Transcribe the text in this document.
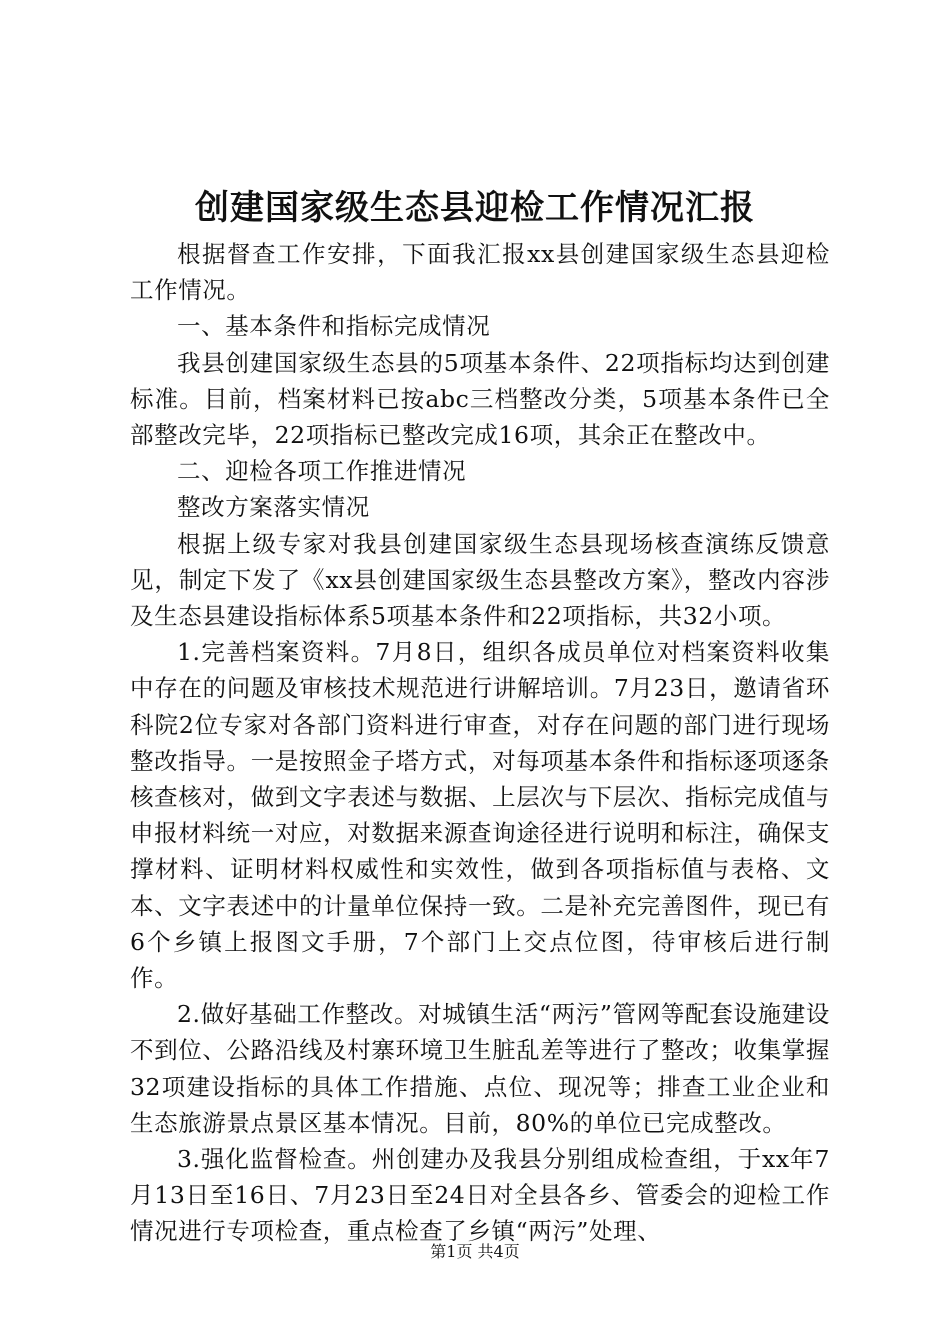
创建国家级生态县迎检工作情况汇报

根据督查工作安排，下面我汇报xx县创建国家级生态县迎检工作情况。

一、基本条件和指标完成情况

我县创建国家级生态县的5项基本条件、22项指标均达到创建标准。目前，档案材料已按abc三档整改分类，5项基本条件已全部整改完毕，22项指标已整改完成16项，其余正在整改中。

二、迎检各项工作推进情况

整改方案落实情况

根据上级专家对我县创建国家级生态县现场核查演练反馈意见，制定下发了《xx县创建国家级生态县整改方案》，整改内容涉及生态县建设指标体系5项基本条件和22项指标，共32小项。

1.完善档案资料。7月8日，组织各成员单位对档案资料收集中存在的问题及审核技术规范进行讲解培训。7月23日，邀请省环科院2位专家对各部门资料进行审查，对存在问题的部门进行现场整改指导。一是按照金子塔方式，对每项基本条件和指标逐项逐条核查核对，做到文字表述与数据、上层次与下层次、指标完成值与申报材料统一对应，对数据来源查询途径进行说明和标注，确保支撑材料、证明材料权威性和实效性，做到各项指标值与表格、文本、文字表述中的计量单位保持一致。二是补充完善图件，现已有6个乡镇上报图文手册，7个部门上交点位图，待审核后进行制作。

2.做好基础工作整改。对城镇生活“两污”管网等配套设施建设不到位、公路沿线及村寨环境卫生脏乱差等进行了整改；收集掌握32项建设指标的具体工作措施、点位、现况等；排查工业企业和生态旅游景点景区基本情况。目前，80%的单位已完成整改。

3.强化监督检查。州创建办及我县分别组成检查组，于xx年7月13日至16日、7月23日至24日对全县各乡、管委会的迎检工作情况进行专项检查，重点检查了乡镇“两污”处理、

第1页 共4页
